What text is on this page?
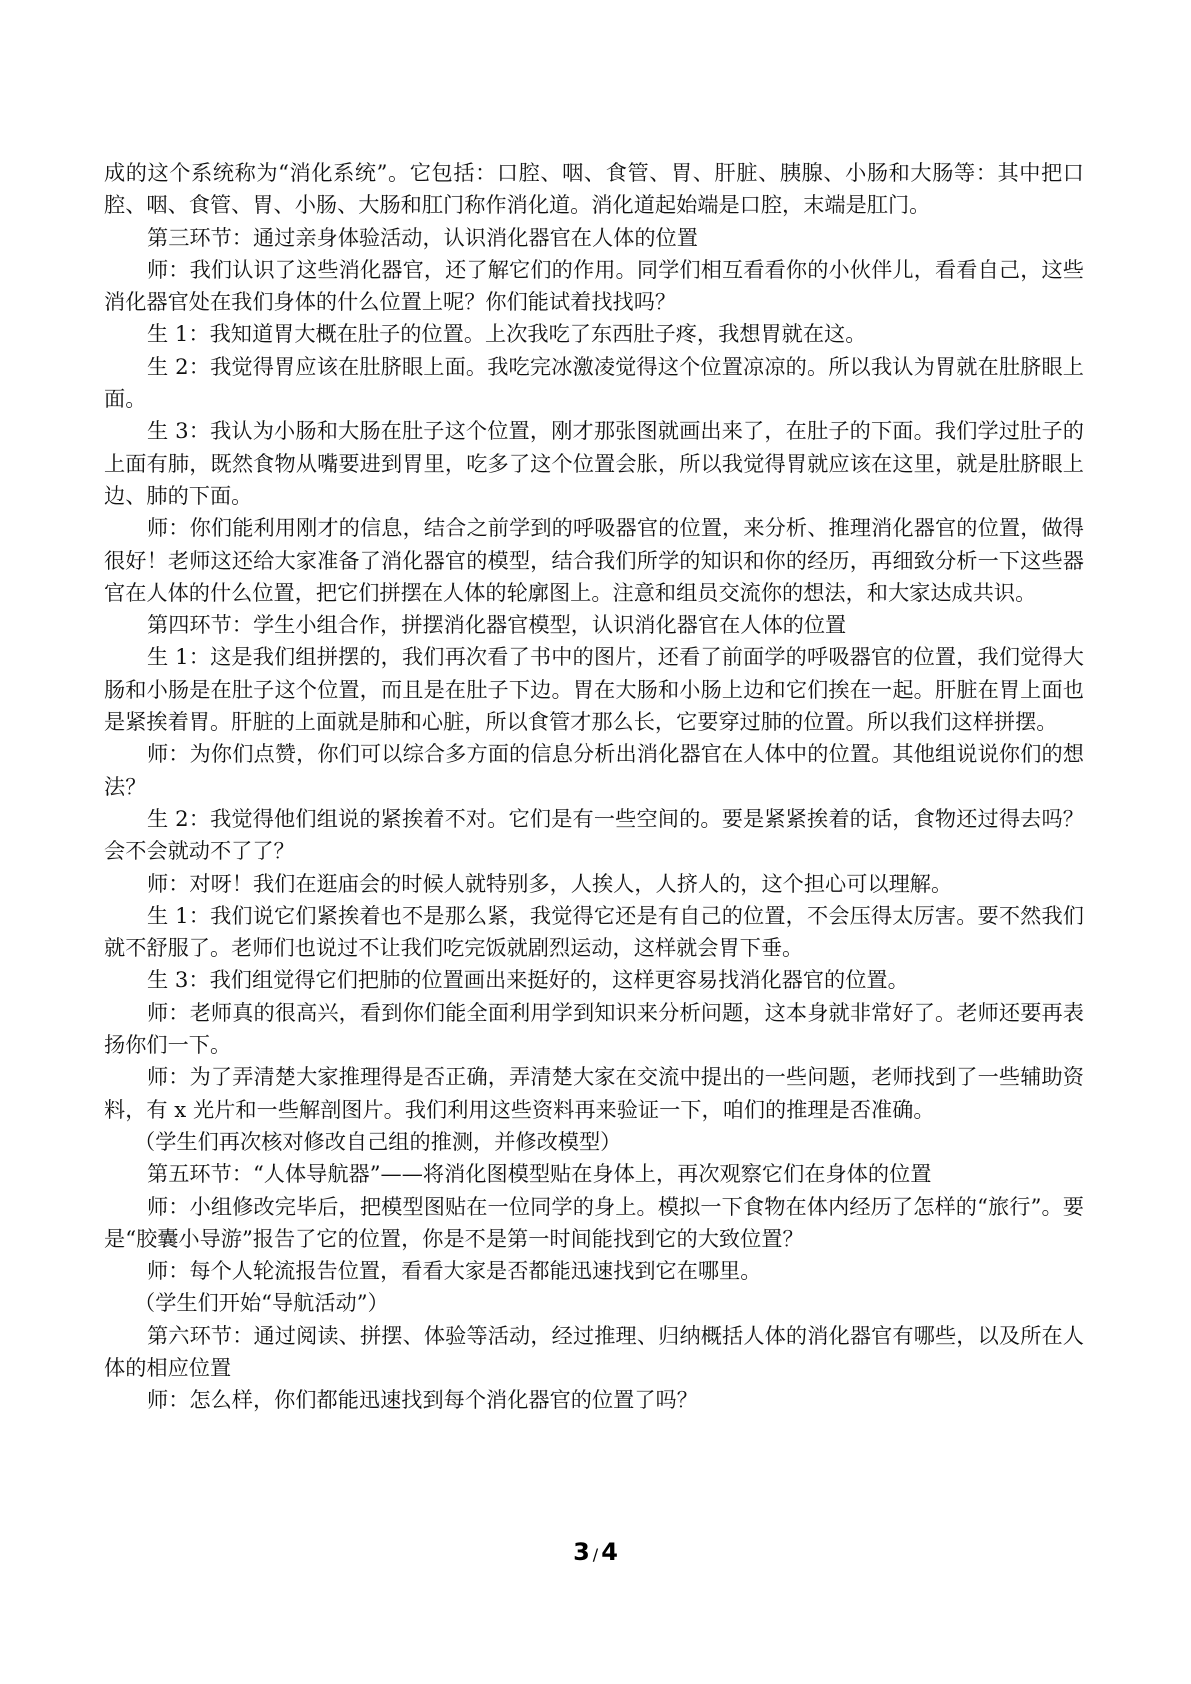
成的这个系统称为“消化系统”。它包括：口腔、咽、食管、胃、肝脏、胰腺、小肠和大肠等：其中把口腔、咽、食管、胃、小肠、大肠和肛门称作消化道。消化道起始端是口腔，末端是肛门。

第三环节：通过亲身体验活动，认识消化器官在人体的位置

师：我们认识了这些消化器官，还了解它们的作用。同学们相互看看你的小伙伴儿，看看自己，这些消化器官处在我们身体的什么位置上呢？你们能试着找找吗？

生 1：我知道胃大概在肚子的位置。上次我吃了东西肚子疼，我想胃就在这。

生 2：我觉得胃应该在肚脐眼上面。我吃完冰激凌觉得这个位置凉凉的。所以我认为胃就在肚脐眼上面。

生 3：我认为小肠和大肠在肚子这个位置，刚才那张图就画出来了，在肚子的下面。我们学过肚子的上面有肺，既然食物从嘴要进到胃里，吃多了这个位置会胀，所以我觉得胃就应该在这里，就是肚脐眼上边、肺的下面。

师：你们能利用刚才的信息，结合之前学到的呼吸器官的位置，来分析、推理消化器官的位置，做得很好！老师这还给大家准备了消化器官的模型，结合我们所学的知识和你的经历，再细致分析一下这些器官在人体的什么位置，把它们拼摆在人体的轮廓图上。注意和组员交流你的想法，和大家达成共识。

第四环节：学生小组合作，拼摆消化器官模型，认识消化器官在人体的位置

生 1：这是我们组拼摆的，我们再次看了书中的图片，还看了前面学的呼吸器官的位置，我们觉得大肠和小肠是在肚子这个位置，而且是在肚子下边。胃在大肠和小肠上边和它们挨在一起。肝脏在胃上面也是紧挨着胃。肝脏的上面就是肺和心脏，所以食管才那么长，它要穿过肺的位置。所以我们这样拼摆。

师：为你们点赞，你们可以综合多方面的信息分析出消化器官在人体中的位置。其他组说说你们的想法？

生 2：我觉得他们组说的紧挨着不对。它们是有一些空间的。要是紧紧挨着的话，食物还过得去吗？会不会就动不了了？

师：对呀！我们在逛庙会的时候人就特别多，人挨人，人挤人的，这个担心可以理解。

生 1：我们说它们紧挨着也不是那么紧，我觉得它还是有自己的位置，不会压得太厉害。要不然我们就不舒服了。老师们也说过不让我们吃完饭就剧烈运动，这样就会胃下垂。

生 3：我们组觉得它们把肺的位置画出来挺好的，这样更容易找消化器官的位置。

师：老师真的很高兴，看到你们能全面利用学到知识来分析问题，这本身就非常好了。老师还要再表扬你们一下。

师：为了弄清楚大家推理得是否正确，弄清楚大家在交流中提出的一些问题，老师找到了一些辅助资料，有 x 光片和一些解剖图片。我们利用这些资料再来验证一下，咱们的推理是否准确。

（学生们再次核对修改自己组的推测，并修改模型）

第五环节：“人体导航器”——将消化图模型贴在身体上，再次观察它们在身体的位置

师：小组修改完毕后，把模型图贴在一位同学的身上。模拟一下食物在体内经历了怎样的“旅行”。要是“胶囊小导游”报告了它的位置，你是不是第一时间能找到它的大致位置？

师：每个人轮流报告位置，看看大家是否都能迅速找到它在哪里。

（学生们开始“导航活动”）

第六环节：通过阅读、拼摆、体验等活动，经过推理、归纳概括人体的消化器官有哪些，以及所在人体的相应位置

师：怎么样，你们都能迅速找到每个消化器官的位置了吗？

3 / 4
